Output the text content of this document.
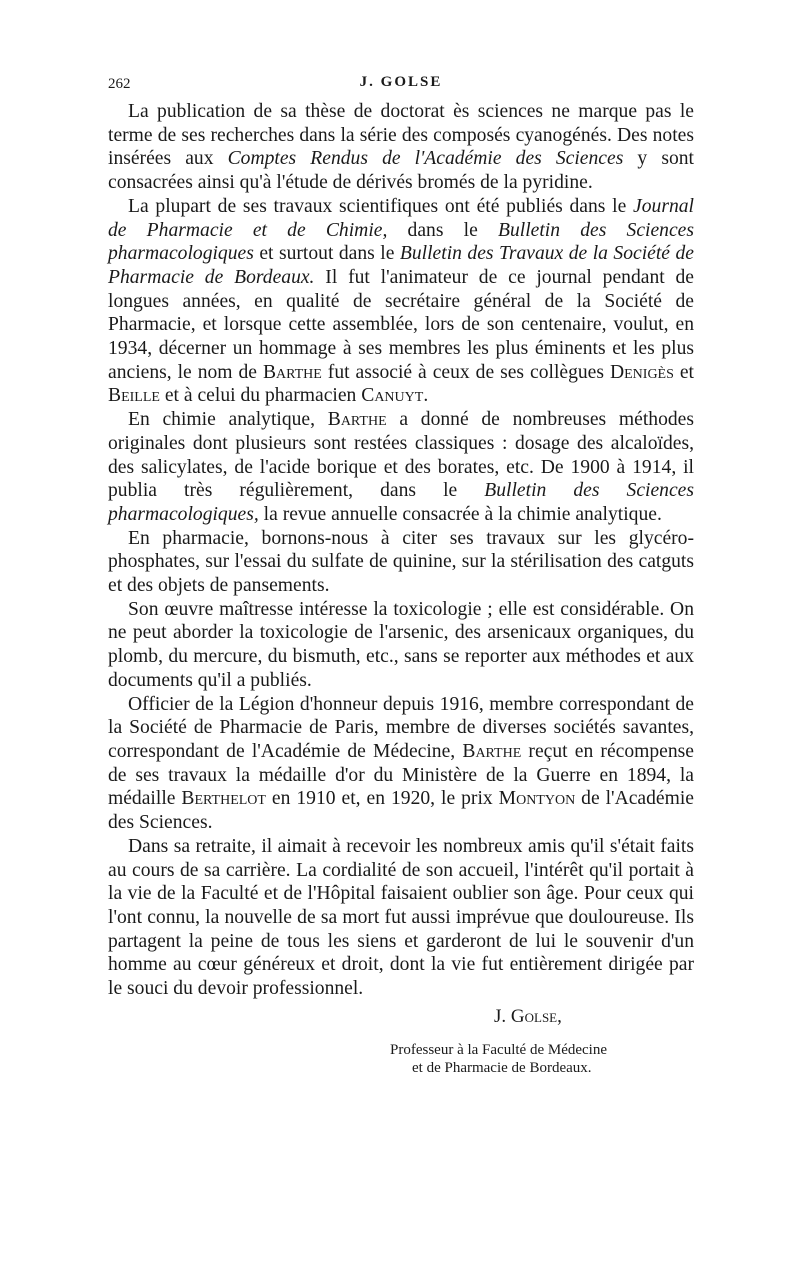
262	J. GOLSE

La publication de sa thèse de doctorat ès sciences ne marque pas le terme de ses recherches dans la série des composés cyanogénés. Des notes insérées aux Comptes Rendus de l'Académie des Sciences y sont consacrées ainsi qu'à l'étude de dérivés bromés de la pyridine.

La plupart de ses travaux scientifiques ont été publiés dans le Journal de Pharmacie et de Chimie, dans le Bulletin des Sciences pharmacologiques et surtout dans le Bulletin des Travaux de la Société de Pharmacie de Bordeaux. Il fut l'animateur de ce journal pendant de longues années, en qualité de secrétaire général de la Société de Pharmacie, et lorsque cette assemblée, lors de son centenaire, voulut, en 1934, décerner un hommage à ses membres les plus éminents et les plus anciens, le nom de Barthe fut associé à ceux de ses collègues Denigès et Beille et à celui du pharmacien Canuyt.

En chimie analytique, Barthe a donné de nombreuses méthodes originales dont plusieurs sont restées classiques : dosage des alcaloïdes, des salicylates, de l'acide borique et des borates, etc. De 1900 à 1914, il publia très régulièrement, dans le Bulletin des Sciences pharmacologiques, la revue annuelle consacrée à la chimie analytique.

En pharmacie, bornons-nous à citer ses travaux sur les glycérophosphates, sur l'essai du sulfate de quinine, sur la stérilisation des catguts et des objets de pansements.

Son œuvre maîtresse intéresse la toxicologie ; elle est considérable. On ne peut aborder la toxicologie de l'arsenic, des arsenicaux organiques, du plomb, du mercure, du bismuth, etc., sans se reporter aux méthodes et aux documents qu'il a publiés.

Officier de la Légion d'honneur depuis 1916, membre correspondant de la Société de Pharmacie de Paris, membre de diverses sociétés savantes, correspondant de l'Académie de Médecine, Barthe reçut en récompense de ses travaux la médaille d'or du Ministère de la Guerre en 1894, la médaille Berthelot en 1910 et, en 1920, le prix Montyon de l'Académie des Sciences.

Dans sa retraite, il aimait à recevoir les nombreux amis qu'il s'était faits au cours de sa carrière. La cordialité de son accueil, l'intérêt qu'il portait à la vie de la Faculté et de l'Hôpital faisaient oublier son âge. Pour ceux qui l'ont connu, la nouvelle de sa mort fut aussi imprévue que douloureuse. Ils partagent la peine de tous les siens et garderont de lui le souvenir d'un homme au cœur généreux et droit, dont la vie fut entièrement dirigée par le souci du devoir professionnel.

J. Golse,
Professeur à la Faculté de Médecine
et de Pharmacie de Bordeaux.
